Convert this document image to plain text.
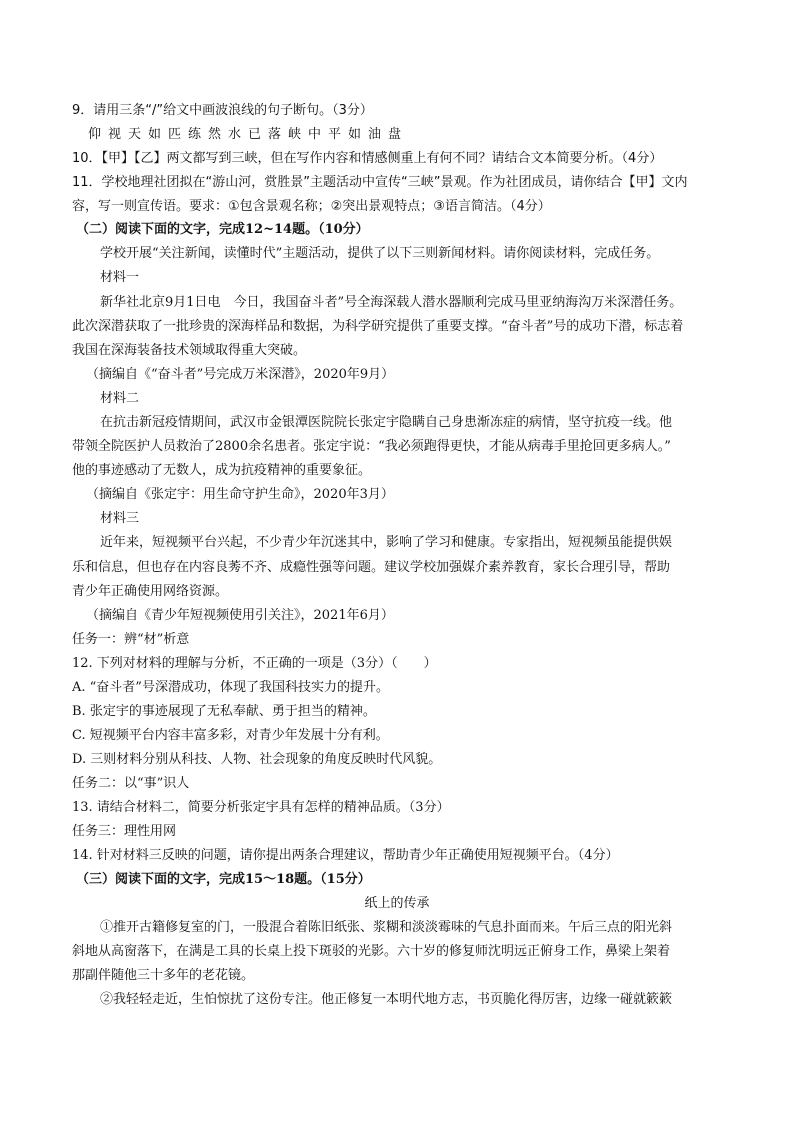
9．请用三条“/”给文中画波浪线的句子断句。（3分）
仰视天如匹练然水已落峡中平如油盘
10．【甲】【乙】两文都写到三峡，但在写作内容和情感侧重上有何不同？请结合文本简要分析。（4分）
11．学校地理社团拟在“游山河，赏胜景”主题活动中宣传“三峡”景观。作为社团成员，请你结合【甲】文内
容，写一则宣传语。要求：①包含景观名称；②突出景观特点；③语言简洁。（4分）
（二）阅读下面的文字，完成12~14题。（10分）
学校开展“关注新闻，读懂时代”主题活动，提供了以下三则新闻材料。请你阅读材料，完成任务。
材料一
新华社北京9月1日电　今日，我国奋斗者”号全海深载人潜水器顺利完成马里亚纳海沟万米深潜任务。
此次深潜获取了一批珍贵的深海样品和数据，为科学研究提供了重要支撑。“奋斗者”号的成功下潜，标志着
我国在深海装备技术领域取得重大突破。
（摘编自《“奋斗者”号完成万米深潜》，2020年9月）
材料二
在抗击新冠疫情期间，武汉市金银潭医院院长张定宇隐瞒自己身患渐冻症的病情，坚守抗疫一线。他
带领全院医护人员救治了2800余名患者。张定宇说：“我必须跑得更快，才能从病毒手里抢回更多病人。”
他的事迹感动了无数人，成为抗疫精神的重要象征。
（摘编自《张定宇：用生命守护生命》，2020年3月）
材料三
近年来，短视频平台兴起，不少青少年沉迷其中，影响了学习和健康。专家指出，短视频虽能提供娱
乐和信息，但也存在内容良莠不齐、成瘾性强等问题。建议学校加强媒介素养教育，家长合理引导，帮助
青少年正确使用网络资源。
（摘编自《青少年短视频使用引关注》，2021年6月）
任务一：辨“材”析意
12. 下列对材料的理解与分析，不正确的一项是（3分）（　　）
A. “奋斗者”号深潜成功，体现了我国科技实力的提升。
B. 张定宇的事迹展现了无私奉献、勇于担当的精神。
C. 短视频平台内容丰富多彩，对青少年发展十分有利。
D. 三则材料分别从科技、人物、社会现象的角度反映时代风貌。
任务二：以“事”识人
13. 请结合材料二，简要分析张定宇具有怎样的精神品质。（3分）
任务三：理性用网
14. 针对材料三反映的问题，请你提出两条合理建议，帮助青少年正确使用短视频平台。（4分）
（三）阅读下面的文字，完成15～18题。（15分）
纸上的传承
①推开古籍修复室的门，一股混合着陈旧纸张、浆糊和淡淡霉味的气息扑面而来。午后三点的阳光斜
斜地从高窗落下，在满是工具的长桌上投下斑驳的光影。六十岁的修复师沈明远正俯身工作，鼻梁上架着
那副伴随他三十多年的老花镜。
②我轻轻走近，生怕惊扰了这份专注。他正修复一本明代地方志，书页脆化得厉害，边缘一碰就簌簌
